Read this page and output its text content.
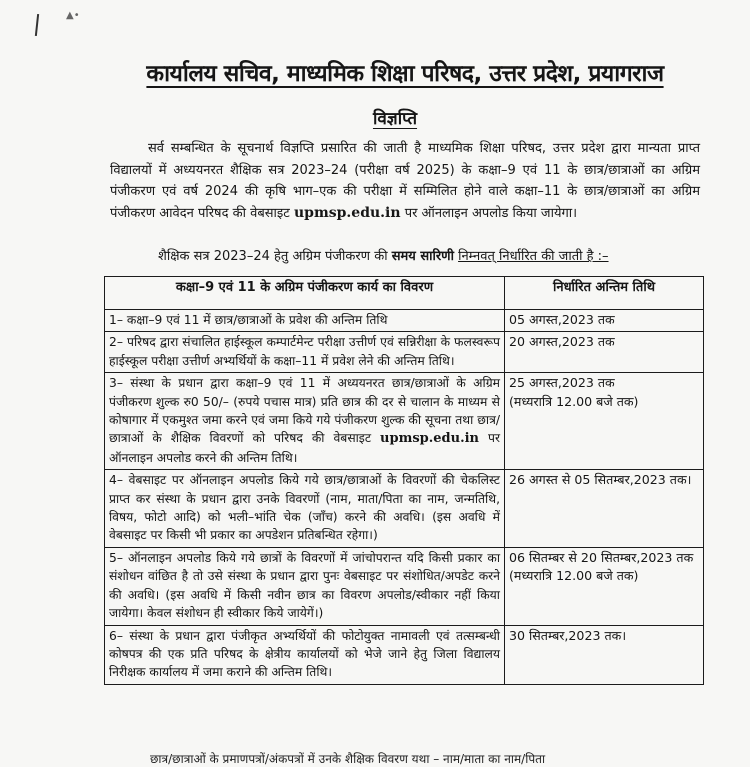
▲•
कार्यालय सचिव, माध्यमिक शिक्षा परिषद, उत्तर प्रदेश, प्रयागराज
विज्ञप्ति
सर्व सम्बन्धित के सूचनार्थ विज्ञप्ति प्रसारित की जाती है माध्यमिक शिक्षा परिषद, उत्तर प्रदेश द्वारा मान्यता प्राप्त विद्यालयों में अध्ययनरत शैक्षिक सत्र 2023–24 (परीक्षा वर्ष 2025) के कक्षा–9 एवं 11 के छात्र/छात्राओं का अग्रिम पंजीकरण एवं वर्ष 2024 की कृषि भाग–एक की परीक्षा में सम्मिलित होने वाले कक्षा–11 के छात्र/छात्राओं का अग्रिम पंजीकरण आवेदन परिषद की वेबसाइट upmsp.edu.in पर ऑनलाइन अपलोड किया जायेगा।
शैक्षिक सत्र 2023–24 हेतु अग्रिम पंजीकरण की समय सारिणी निम्नवत् निर्धारित की जाती है :–
कक्षा–9 एवं 11 के अग्रिम पंजीकरण कार्य का विवरण	निर्धारित अन्तिम तिथि
1– कक्षा–9 एवं 11 में छात्र/छात्राओं के प्रवेश की अन्तिम तिथि	05 अगस्त,2023 तक

2– परिषद द्वारा संचालित हाईस्कूल कम्पार्टमेन्ट परीक्षा उत्तीर्ण एवं सन्निरीक्षा के फलस्वरूप हाईस्कूल परीक्षा उत्तीर्ण अभ्यर्थियों के कक्षा–11 में प्रवेश लेने की अन्तिम तिथि।	20 अगस्त,2023 तक

3– संस्था के प्रधान द्वारा कक्षा–9 एवं 11 में अध्ययनरत छात्र/छात्राओं के अग्रिम पंजीकरण शुल्क रु0 50/– (रुपये पचास मात्र) प्रति छात्र की दर से चालान के माध्यम से कोषागार में एकमुश्त जमा करने एवं जमा किये गये पंजीकरण शुल्क की सूचना तथा छात्र/छात्राओं के शैक्षिक विवरणों को परिषद की वेबसाइट upmsp.edu.in पर ऑनलाइन अपलोड करने की अन्तिम तिथि।	25 अगस्त,2023 तक
(मध्यरात्रि 12.00 बजे तक)

4– वेबसाइट पर ऑनलाइन अपलोड किये गये छात्र/छात्राओं के विवरणों की चेकलिस्ट प्राप्त कर संस्था के प्रधान द्वारा उनके विवरणों (नाम, माता/पिता का नाम, जन्मतिथि, विषय, फोटो आदि) को भली–भांति चेक (जाँच) करने की अवधि। (इस अवधि में वेबसाइट पर किसी भी प्रकार का अपडेशन प्रतिबन्धित रहेगा।)	26 अगस्त से 05 सितम्बर,2023 तक।

5– ऑनलाइन अपलोड किये गये छात्रों के विवरणों में जांचोपरान्त यदि किसी प्रकार का संशोधन वांछित है तो उसे संस्था के प्रधान द्वारा पुनः वेबसाइट पर संशोधित/अपडेट करने की अवधि। (इस अवधि में किसी नवीन छात्र का विवरण अपलोड/स्वीकार नहीं किया जायेगा। केवल संशोधन ही स्वीकार किये जायेगें।)	06 सितम्बर से 20 सितम्बर,2023 तक
(मध्यरात्रि 12.00 बजे तक)

6– संस्था के प्रधान द्वारा पंजीकृत अभ्यर्थियों की फोटोयुक्त नामावली एवं तत्सम्बन्धी कोषपत्र की एक प्रति परिषद के क्षेत्रीय कार्यालयों को भेजे जाने हेतु जिला विद्यालय निरीक्षक कार्यालय में जमा कराने की अन्तिम तिथि।	30 सितम्बर,2023 तक।
छात्र/छात्राओं के प्रमाणपत्रों/अंकपत्रों में उनके शैक्षिक विवरण यथा – नाम/माता का नाम/पिता
